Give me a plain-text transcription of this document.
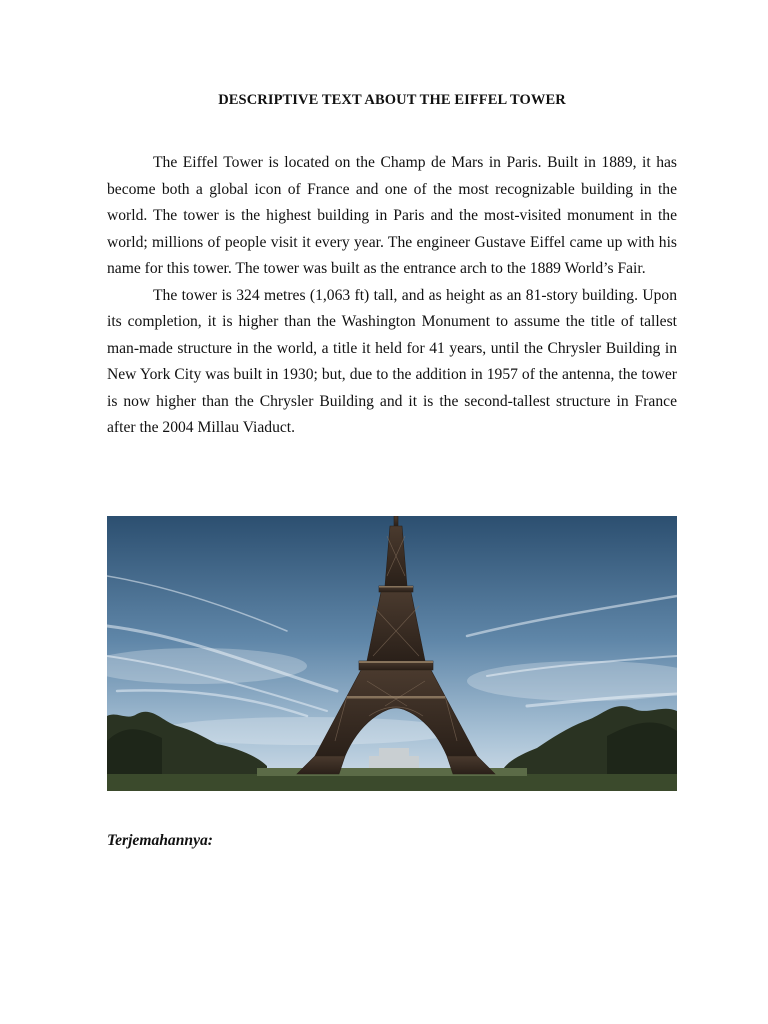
DESCRIPTIVE TEXT ABOUT THE EIFFEL TOWER

The Eiffel Tower is located on the Champ de Mars in Paris. Built in 1889, it has become both a global icon of France and one of the most recognizable building in the world. The tower is the highest building in Paris and the most-visited monument in the world; millions of people visit it every year. The engineer Gustave Eiffel came up with his name for this tower. The tower was built as the entrance arch to the 1889 World’s Fair.

The tower is 324 metres (1,063 ft) tall, and as height as an 81-story building. Upon its completion, it is higher than the Washington Monument to assume the title of tallest man-made structure in the world, a title it held for 41 years, until the Chrysler Building in New York City was built in 1930; but, due to the addition in 1957 of the antenna, the tower is now higher than the Chrysler Building and it is the second-tallest structure in France after the 2004 Millau Viaduct.

Terjemahannya:
